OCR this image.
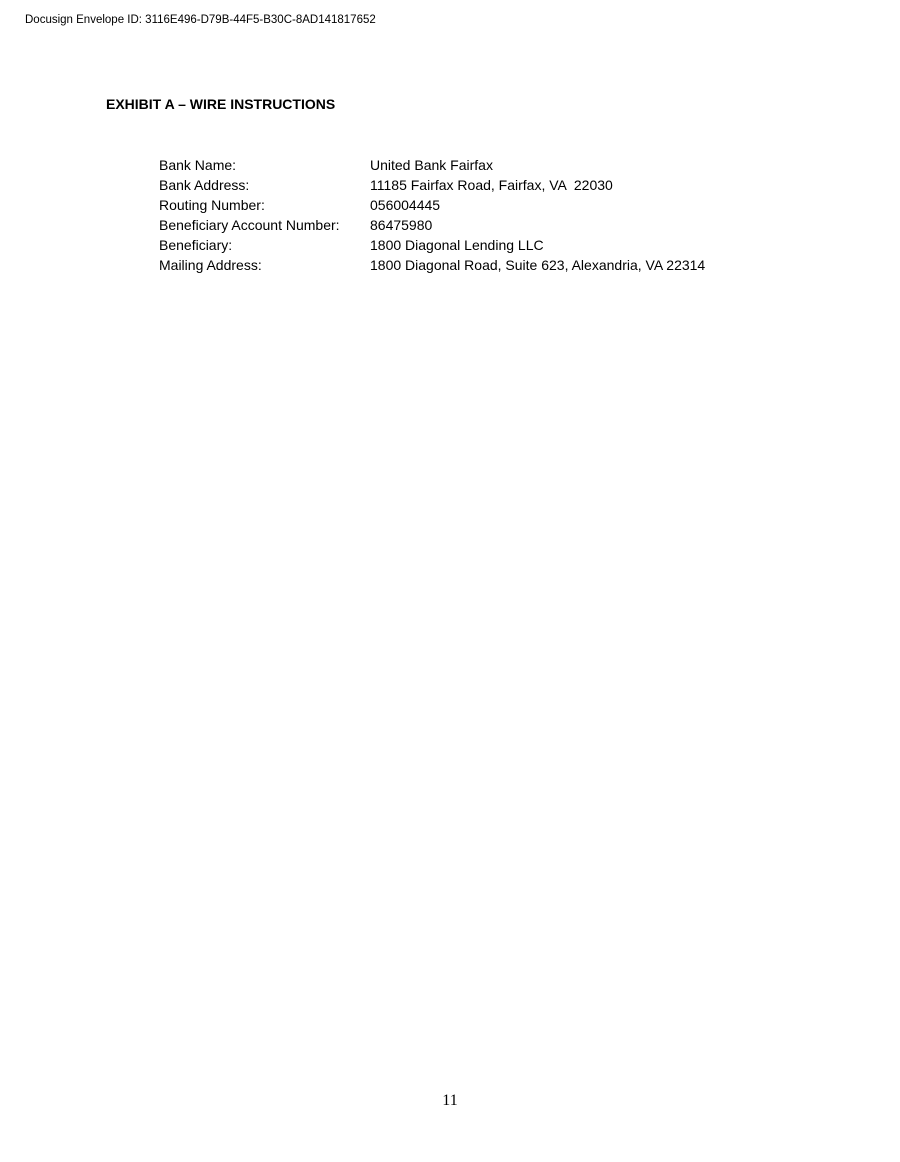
Docusign Envelope ID: 3116E496-D79B-44F5-B30C-8AD141817652
EXHIBIT A – WIRE INSTRUCTIONS
Bank Name:	United Bank Fairfax
Bank Address:	11185 Fairfax Road, Fairfax, VA  22030
Routing Number:	056004445
Beneficiary Account Number:	86475980
Beneficiary:	1800 Diagonal Lending LLC
Mailing Address:	1800 Diagonal Road, Suite 623, Alexandria, VA 22314
11
